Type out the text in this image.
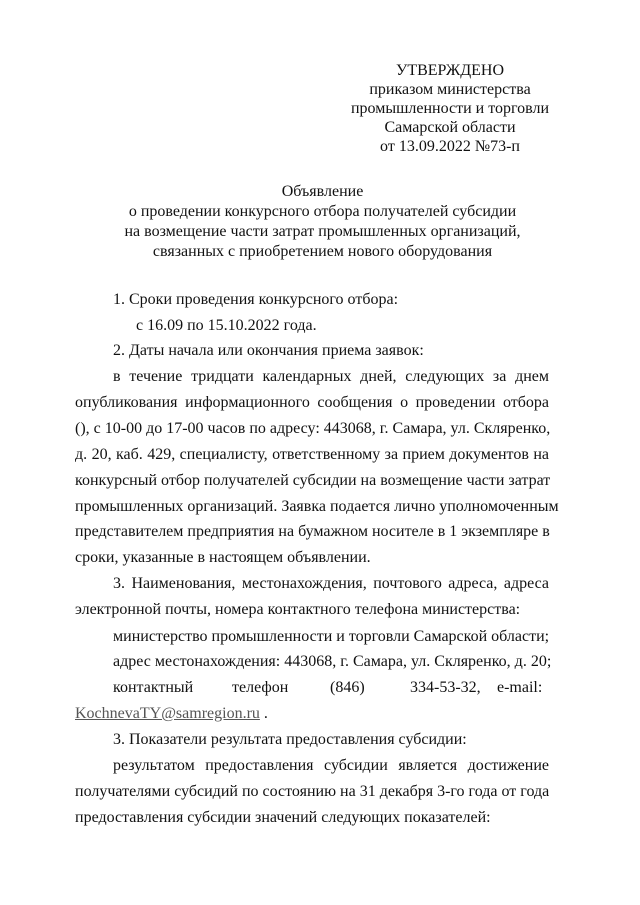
УТВЕРЖДЕНО
приказом министерства
промышленности и торговли
Самарской области
от 13.09.2022 №73-п
Объявление
о проведении конкурсного отбора получателей субсидии
на возмещение части затрат промышленных организаций,
связанных с приобретением нового оборудования
1. Сроки проведения конкурсного отбора:
с 16.09 по 15.10.2022 года.
2. Даты начала или окончания приема заявок:
в течение тридцати календарных дней, следующих за днем
опубликования информационного сообщения о проведении отбора
(), с 10-00 до 17-00 часов по адресу: 443068, г. Самара, ул. Скляренко,
д. 20, каб. 429, специалисту, ответственному за прием документов на
конкурсный отбор получателей субсидии на возмещение части затрат
промышленных организаций. Заявка подается лично уполномоченным
представителем предприятия на бумажном носителе в 1 экземпляре в
сроки, указанные в настоящем объявлении.
3. Наименования, местонахождения, почтового адреса, адреса
электронной почты, номера контактного телефона министерства:
министерство промышленности и торговли Самарской области;
адрес местонахождения: 443068, г. Самара, ул. Скляренко, д. 20;
контактный телефон	(846)	334-53-32, e-mail:
KochnevaTY@samregion.ru .
3. Показатели результата предоставления субсидии:
результатом предоставления субсидии является достижение
получателями субсидий по состоянию на 31 декабря 3-го года от года
предоставления субсидии значений следующих показателей:
